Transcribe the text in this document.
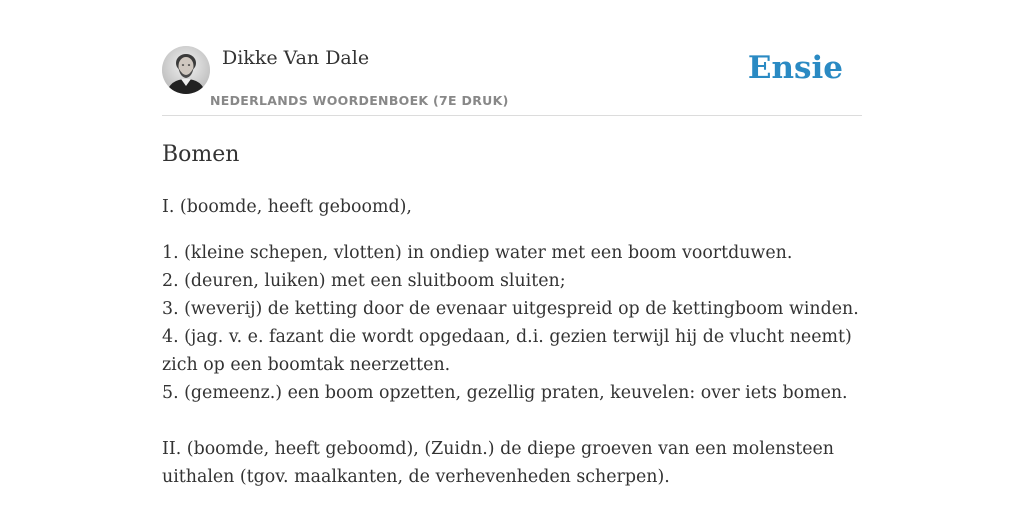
Dikke Van Dale
NEDERLANDS WOORDENBOEK (7E DRUK)
Ensie
Bomen
I. (boomde, heeft geboomd),
1. (kleine schepen, vlotten) in ondiep water met een boom voortduwen.
2. (deuren, luiken) met een sluitboom sluiten;
3. (weverij) de ketting door de evenaar uitgespreid op de kettingboom winden.
4. (jag. v. e. fazant die wordt opgedaan, d.i. gezien terwijl hij de vlucht neemt) zich op een boomtak neerzetten.
5. (gemeenz.) een boom opzetten, gezellig praten, keuvelen: over iets bomen.
II. (boomde, heeft geboomd), (Zuidn.) de diepe groeven van een molensteen uithalen (tgov. maalkanten, de verhevenheden scherpen).
